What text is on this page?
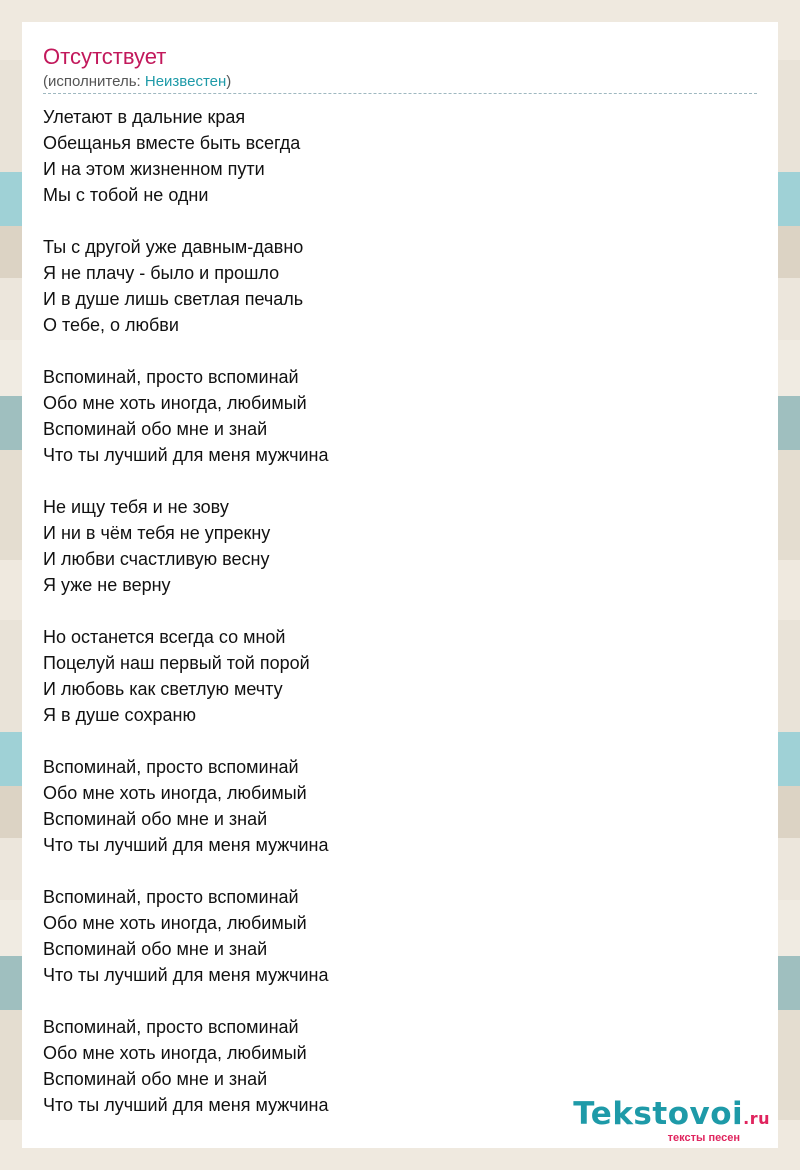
Отсутствует
(исполнитель: Неизвестен)
Улетают в дальние края
Обещанья вместе быть всегда
И на этом жизненном пути
Мы с тобой не одни
Ты с другой уже давным-давно
Я не плачу - было и прошло
И в душе лишь светлая печаль
О тебе, о любви
Вспоминай, просто вспоминай
Обо мне хоть иногда, любимый
Вспоминай обо мне и знай
Что ты лучший для меня мужчина
Не ищу тебя и не зову
И ни в чём тебя не упрекну
И любви счастливую весну
Я уже не верну
Но останется всегда со мной
Поцелуй наш первый той порой
И любовь как светлую мечту
Я в душе сохраню
Вспоминай, просто вспоминай
Обо мне хоть иногда, любимый
Вспоминай обо мне и знай
Что ты лучший для меня мужчина
Вспоминай, просто вспоминай
Обо мне хоть иногда, любимый
Вспоминай обо мне и знай
Что ты лучший для меня мужчина
Вспоминай, просто вспоминай
Обо мне хоть иногда, любимый
Вспоминай обо мне и знай
Что ты лучший для меня мужчина	Tekstovoi.ru
тексты песен
